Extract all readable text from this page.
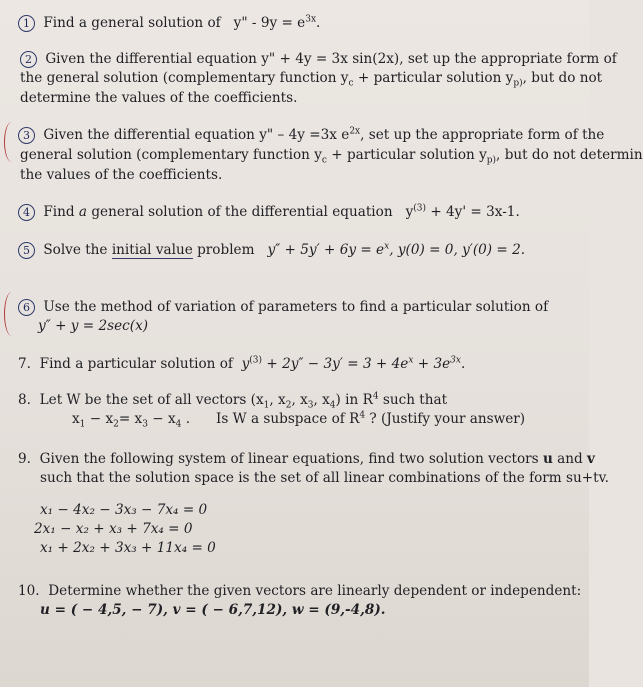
1 Find a general solution of y" - $9y = e^{3x}$.
2 Given the differential equation y" + 4y = 3x sin(2x), set up the appropriate form of
the general solution (complementary function $y_c$ + particular solution $y_{p)}$, but do not
determine the values of the coefficients.
3 Given the differential equation y" – 4y =3x $e^{2x}$, set up the appropriate form of the
general solution (complementary function $y_c$ + particular solution $y_{p)}$, but do not determin
the values of the coefficients.
4 Find a general solution of the differential equation $y^{(3)} + 4y' = 3x-1$.
5 Solve the initial value problem $y'' + 5y' + 6y = e^x$, y(0) = 0, y′(0) = 2.
6 Use the method of variation of parameters to find a particular solution of
y″ + y = 2sec(x)
7. Find a particular solution of $y^{(3)} + 2y'' - 3y' = 3 + 4e^x + 3e^{3x}$.
8. Let W be the set of all vectors ($x_1$, $x_2$, $x_3$, $x_4$) in $R^4$ such that
$x_1 - x_2= x_3 - x_4$ . Is W a subspace of $R^4$ ? (Justify your answer)
9. Given the following system of linear equations, find two solution vectors u and v
such that the solution space is the set of all linear combinations of the form su+tv.
x₁ − 4x₂ − 3x₃ − 7x₄ = 0
2x₁ − x₂ + x₃ + 7x₄ = 0
x₁ + 2x₂ + 3x₃ + 11x₄ = 0
10. Determine whether the given vectors are linearly dependent or independent:
u = ( − 4,5, − 7), v = ( − 6,7,12), w = (9,-4,8).
